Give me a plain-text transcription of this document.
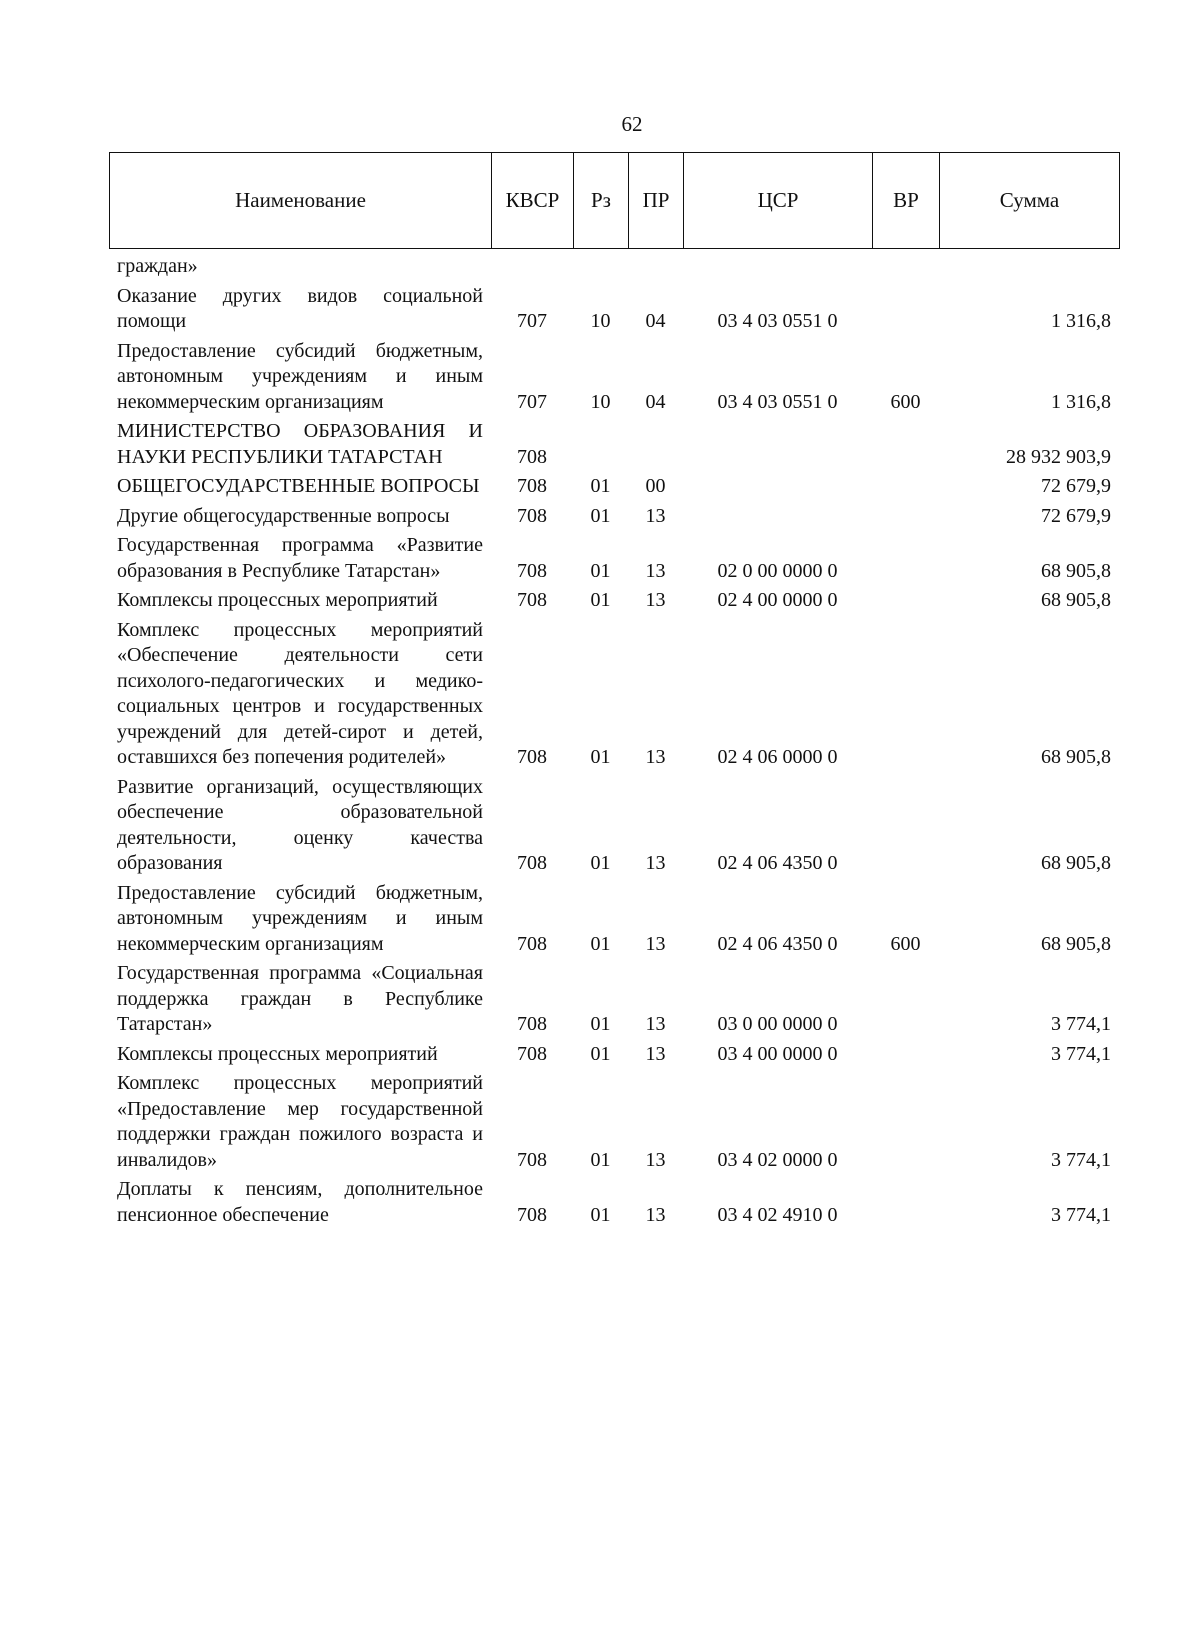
62
Наименование	КВСР	Рз	ПР	ЦСР	ВР	Сумма
граждан»						
Оказание других видов социальной помощи	707	10	04	03 4 03 0551 0		1 316,8
Предоставление субсидий бюджетным, автономным учреждениям и иным некоммерческим организациям	707	10	04	03 4 03 0551 0	600	1 316,8
МИНИСТЕРСТВО ОБРАЗОВАНИЯ И НАУКИ РЕСПУБЛИКИ ТАТАРСТАН	708					28 932 903,9
ОБЩЕГОСУДАРСТВЕННЫЕ ВОПРОСЫ	708	01	00			72 679,9
Другие общегосударственные вопросы	708	01	13			72 679,9
Государственная программа «Развитие образования в Республике Татарстан»	708	01	13	02 0 00 0000 0		68 905,8
Комплексы процессных мероприятий	708	01	13	02 4 00 0000 0		68 905,8
Комплекс процессных мероприятий «Обеспечение деятельности сети психолого-педагогических и медико-социальных центров и государственных учреждений для детей-сирот и детей, оставшихся без попечения родителей»	708	01	13	02 4 06 0000 0		68 905,8
Развитие организаций, осуществляющих обеспечение образовательной деятельности, оценку качества образования	708	01	13	02 4 06 4350 0		68 905,8
Предоставление субсидий бюджетным, автономным учреждениям и иным некоммерческим организациям	708	01	13	02 4 06 4350 0	600	68 905,8
Государственная программа «Социальная поддержка граждан в Республике Татарстан»	708	01	13	03 0 00 0000 0		3 774,1
Комплексы процессных мероприятий	708	01	13	03 4 00 0000 0		3 774,1
Комплекс процессных мероприятий «Предоставление мер государственной поддержки граждан пожилого возраста и инвалидов»	708	01	13	03 4 02 0000 0		3 774,1
Доплаты к пенсиям, дополнительное пенсионное обеспечение	708	01	13	03 4 02 4910 0		3 774,1
